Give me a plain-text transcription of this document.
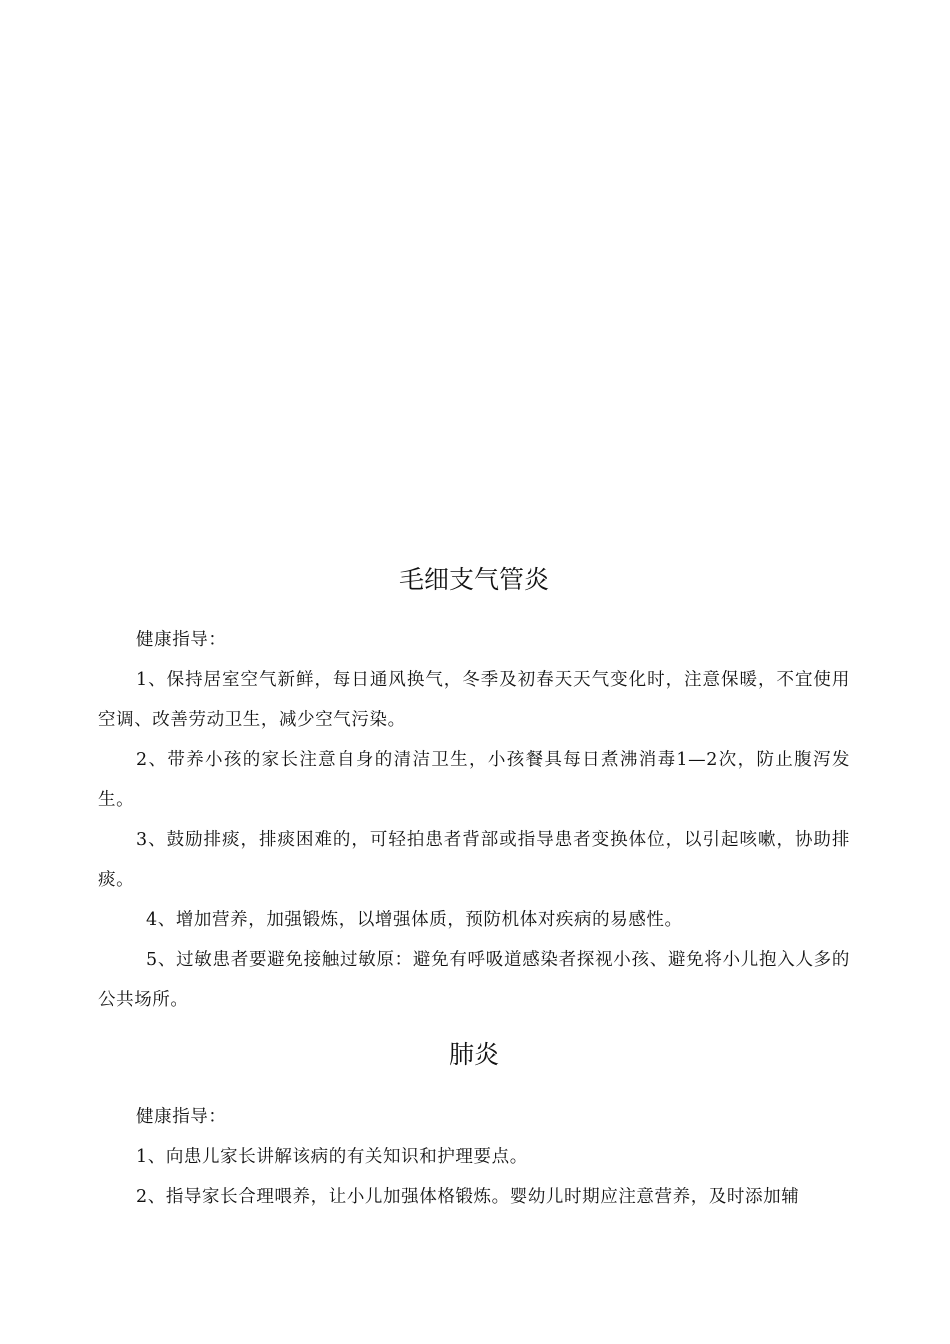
毛细支气管炎

健康指导：

1、保持居室空气新鲜，每日通风换气，冬季及初春天天气变化时，注意保暖，不宜使用空调、改善劳动卫生，减少空气污染。

2、带养小孩的家长注意自身的清洁卫生，小孩餐具每日煮沸消毒1—2次，防止腹泻发生。

3、鼓励排痰，排痰困难的，可轻拍患者背部或指导患者变换体位，以引起咳嗽，协助排痰。

4、增加营养，加强锻炼，以增强体质，预防机体对疾病的易感性。

5、过敏患者要避免接触过敏原：避免有呼吸道感染者探视小孩、避免将小儿抱入人多的公共场所。

肺炎

健康指导：

1、向患儿家长讲解该病的有关知识和护理要点。

2、指导家长合理喂养，让小儿加强体格锻炼。婴幼儿时期应注意营养，及时添加辅
